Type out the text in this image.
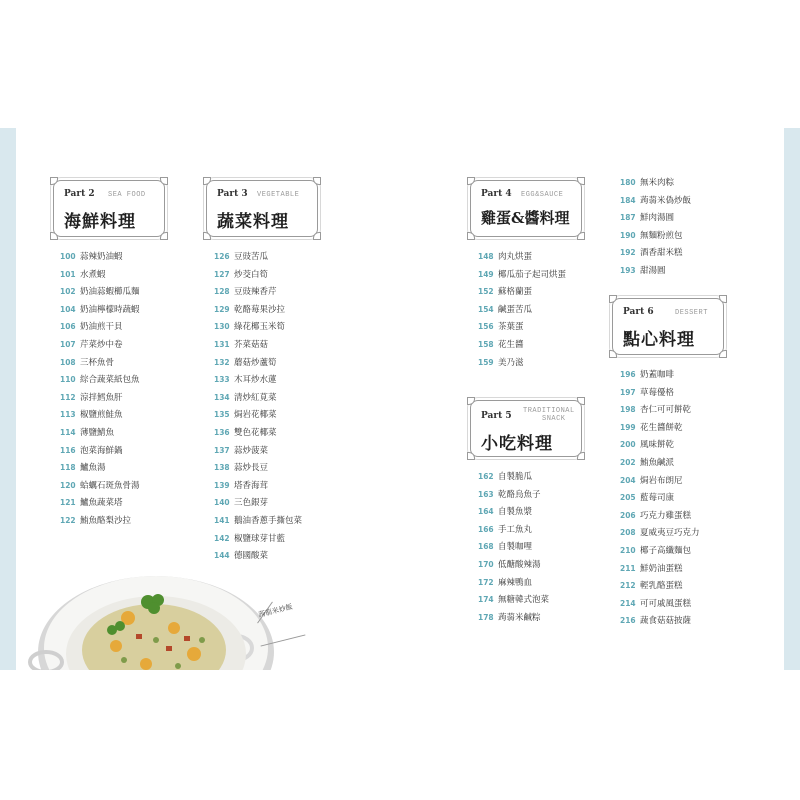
Part 2 SEA FOOD
海鮮料理
Part 3 VEGETABLE
蔬菜料理
Part 4 EGG&SAUCE
雞蛋&醬料理
Part 5 TRADITIONAL
SNACK
小吃料理
Part 6	DESSERT
點心料理
100 蒜辣奶油蝦
101 水煮蝦
102 奶油蒜蝦櫛瓜麵
104 奶油檸檬時蔬蝦
106 奶油煎干貝
107 芹菜炒中卷
108 三杯魚骨
110 綜合蔬菜紙包魚
112 涼拌鱈魚肝
113 椒鹽煎鮭魚
114 薄鹽鯖魚
116 泡菜海鮮鍋
118 鱸魚湯
120 蛤蠣石斑魚骨湯
121 鱸魚蔬菜塔
122 鮪魚酪梨沙拉
126 豆豉苦瓜
127 炒茭白筍
128 豆豉辣香芹
129 乾酪莓果沙拉
130 綠花椰玉米筍
131 芥菜菇菇
132 蘑菇炒蘆筍
133 木耳炒水蓮
134 清炒紅莧菜
135 焗岩花椰菜
136 雙色花椰菜
137 蒜炒菠菜
138 蒜炒長豆
139 塔香海茸
140 三色銀芽
141 鵝油香蔥手撕包菜
142 椒鹽球芽甘藍
144 德國酸菜
148 肉丸烘蛋
149 椰瓜茄子起司烘蛋
152 蘇格蘭蛋
154 鹹蛋苦瓜
156 茶葉蛋
158 花生醬
159 美乃滋
162 自製脆瓜
163 乾酪烏魚子
164 自製魚漿
166 手工魚丸
168 自製咖哩
170 低醣酸辣湯
172 麻辣鴨血
174 無糖韓式泡菜
178 蒟蒻米鹹粽
180 無米肉粽
184 蒟蒻米偽炒飯
187 鮮肉湯圓
190 無麵粉煎包
192 酒香甜米糕
193 甜湯圓
196 奶蓋咖啡
197 草莓優格
198 杏仁可可餅乾
199 花生醬餅乾
200 風味餅乾
202 鮪魚鹹派
204 焗岩布朗尼
205 藍莓司康
206 巧克力雞蛋糕
208 夏威夷豆巧克力
210 椰子高纖麵包
211 鮮奶油蛋糕
212 輕乳酪蛋糕
214 可可戚風蛋糕
216 蔬食菇菇披薩
蒟蒻米炒飯
